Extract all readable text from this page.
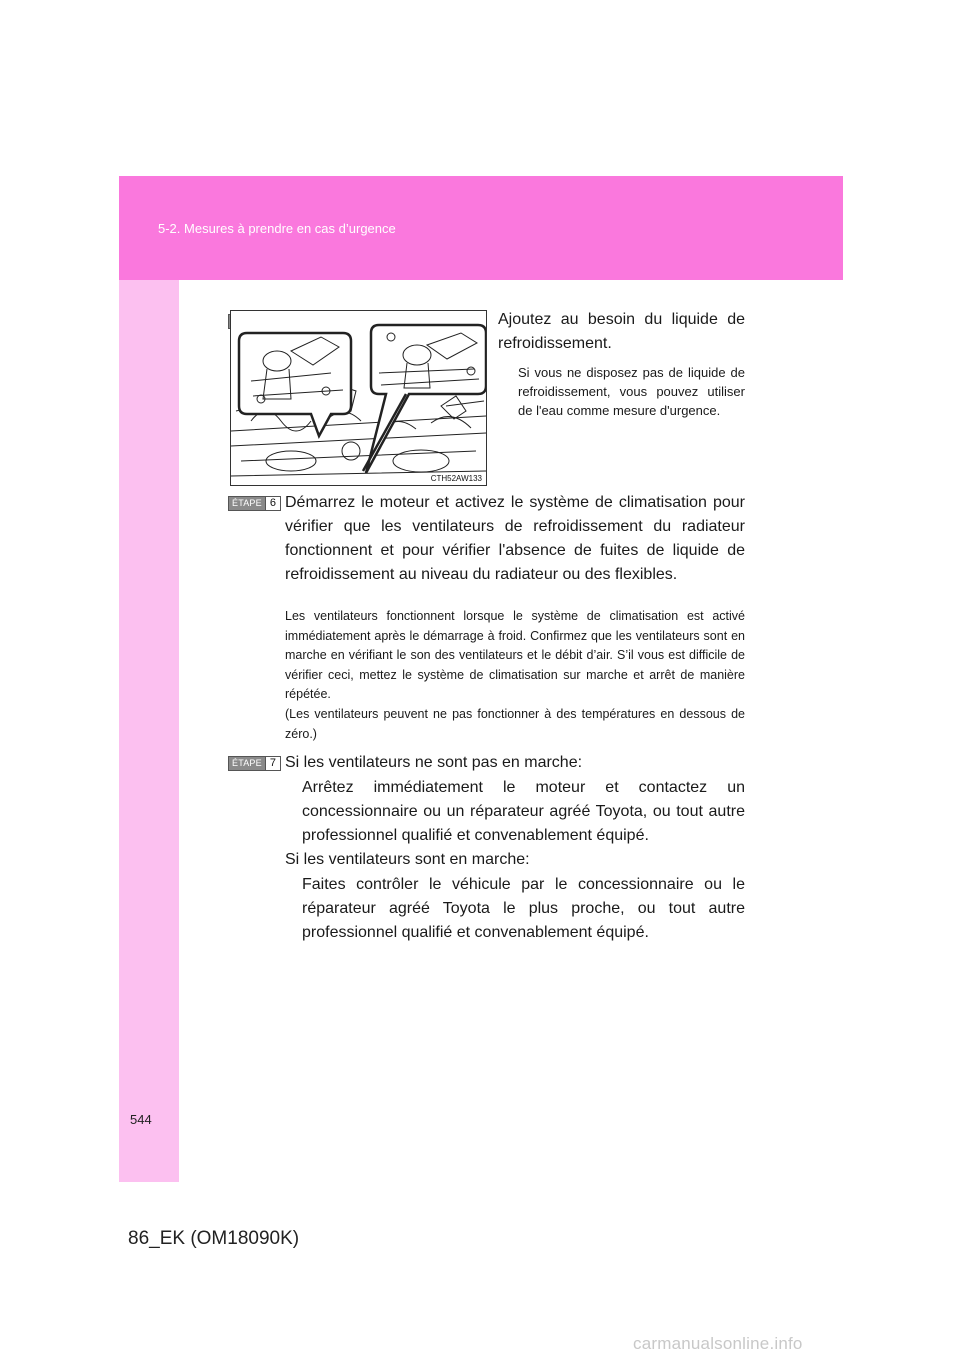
5-2. Mesures à prendre en cas d’urgence
CTH52AW133

Ajoutez au besoin du liquide de refroidissement.

Si vous ne disposez pas de liquide de refroidissement, vous pouvez utiliser de l'eau comme mesure d'urgence.

ÉTAPE 6 Démarrez le moteur et activez le système de climatisation pour vérifier que les ventilateurs de refroidissement du radiateur fonctionnent et pour vérifier l'absence de fuites de liquide de refroidissement au niveau du radiateur ou des flexibles.

Les ventilateurs fonctionnent lorsque le système de climatisation est activé immédiatement après le démarrage à froid. Confirmez que les ventilateurs sont en marche en vérifiant le son des ventilateurs et le débit d’air. S’il vous est difficile de vérifier ceci, mettez le système de climatisation sur marche et arrêt de manière répétée.

(Les ventilateurs peuvent ne pas fonctionner à des températures en dessous de zéro.)

ÉTAPE 7 Si les ventilateurs ne sont pas en marche:

Arrêtez immédiatement le moteur et contactez un concessionnaire ou un réparateur agréé Toyota, ou tout autre professionnel qualifié et convenablement équipé.

Si les ventilateurs sont en marche:

Faites contrôler le véhicule par le concessionnaire ou le réparateur agréé Toyota le plus proche, ou tout autre professionnel qualifié et convenablement équipé.

544
86_EK (OM18090K)
carmanualsonline.info
